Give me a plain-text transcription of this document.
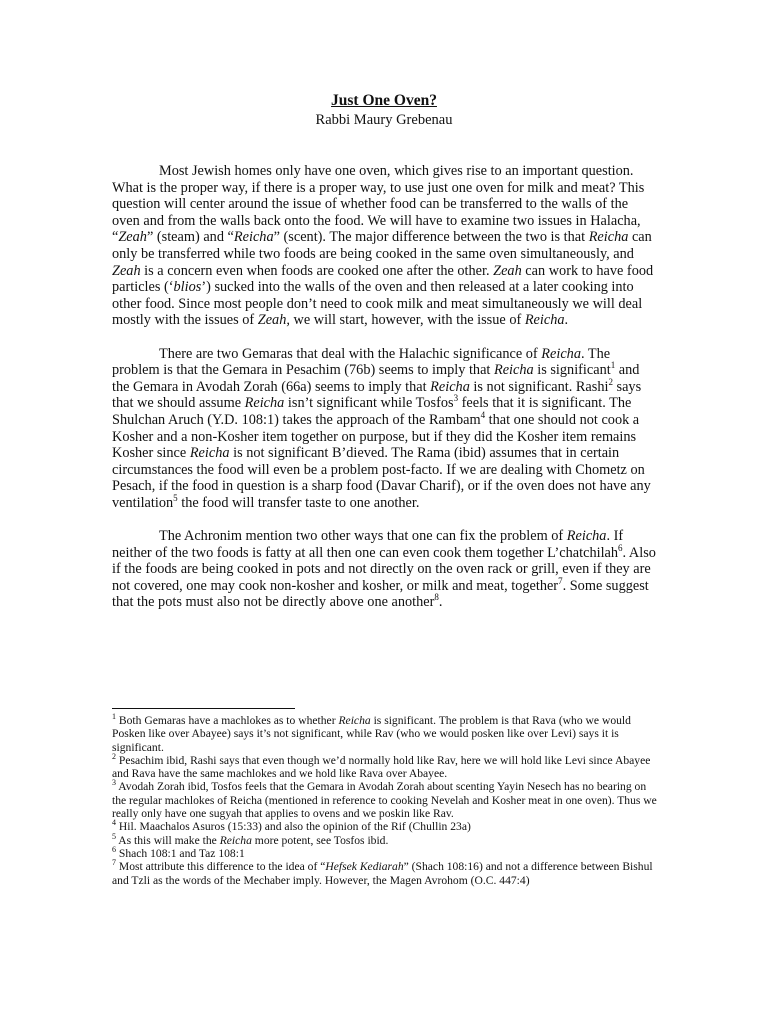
Just One Oven?
Rabbi Maury Grebenau

Most Jewish homes only have one oven, which gives rise to an important question. What is the proper way, if there is a proper way, to use just one oven for milk and meat? This question will center around the issue of whether food can be transferred to the walls of the oven and from the walls back onto the food. We will have to examine two issues in Halacha, “Zeah” (steam) and “Reicha” (scent). The major difference between the two is that Reicha can only be transferred while two foods are being cooked in the same oven simultaneously, and Zeah is a concern even when foods are cooked one after the other. Zeah can work to have food particles (‘blios’) sucked into the walls of the oven and then released at a later cooking into other food. Since most people don’t need to cook milk and meat simultaneously we will deal mostly with the issues of Zeah, we will start, however, with the issue of Reicha.

There are two Gemaras that deal with the Halachic significance of Reicha. The problem is that the Gemara in Pesachim (76b) seems to imply that Reicha is significant$^1$ and the Gemara in Avodah Zorah (66a) seems to imply that Reicha is not significant. Rashi$^2$ says that we should assume Reicha isn’t significant while Tosfos$^3$ feels that it is significant. The Shulchan Aruch (Y.D. 108:1) takes the approach of the Rambam$^4$ that one should not cook a Kosher and a non-Kosher item together on purpose, but if they did the Kosher item remains Kosher since Reicha is not significant B’dieved. The Rama (ibid) assumes that in certain circumstances the food will even be a problem post-facto. If we are dealing with Chometz on Pesach, if the food in question is a sharp food (Davar Charif), or if the oven does not have any ventilation$^5$ the food will transfer taste to one another.

The Achronim mention two other ways that one can fix the problem of Reicha. If neither of the two foods is fatty at all then one can even cook them together L’chatchilah$^6$. Also if the foods are being cooked in pots and not directly on the oven rack or grill, even if they are not covered, one may cook non-kosher and kosher, or milk and meat, together$^7$. Some suggest that the pots must also not be directly above one another$^8$.

$^1$ Both Gemaras have a machlokes as to whether Reicha is significant. The problem is that Rava (who we would Posken like over Abayee) says it’s not significant, while Rav (who we would posken like over Levi) says it is significant.

$^2$ Pesachim ibid, Rashi says that even though we’d normally hold like Rav, here we will hold like Levi since Abayee and Rava have the same machlokes and we hold like Rava over Abayee.

$^3$ Avodah Zorah ibid, Tosfos feels that the Gemara in Avodah Zorah about scenting Yayin Nesech has no bearing on the regular machlokes of Reicha (mentioned in reference to cooking Nevelah and Kosher meat in one oven). Thus we really only have one sugyah that applies to ovens and we poskin like Rav.

$^4$ Hil. Maachalos Asuros (15:33) and also the opinion of the Rif (Chullin 23a)

$^5$ As this will make the Reicha more potent, see Tosfos ibid.

$^6$ Shach 108:1 and Taz 108:1

$^7$ Most attribute this difference to the idea of “Hefsek Kediarah” (Shach 108:16) and not a difference between Bishul and Tzli as the words of the Mechaber imply. However, the Magen Avrohom (O.C. 447:4)
